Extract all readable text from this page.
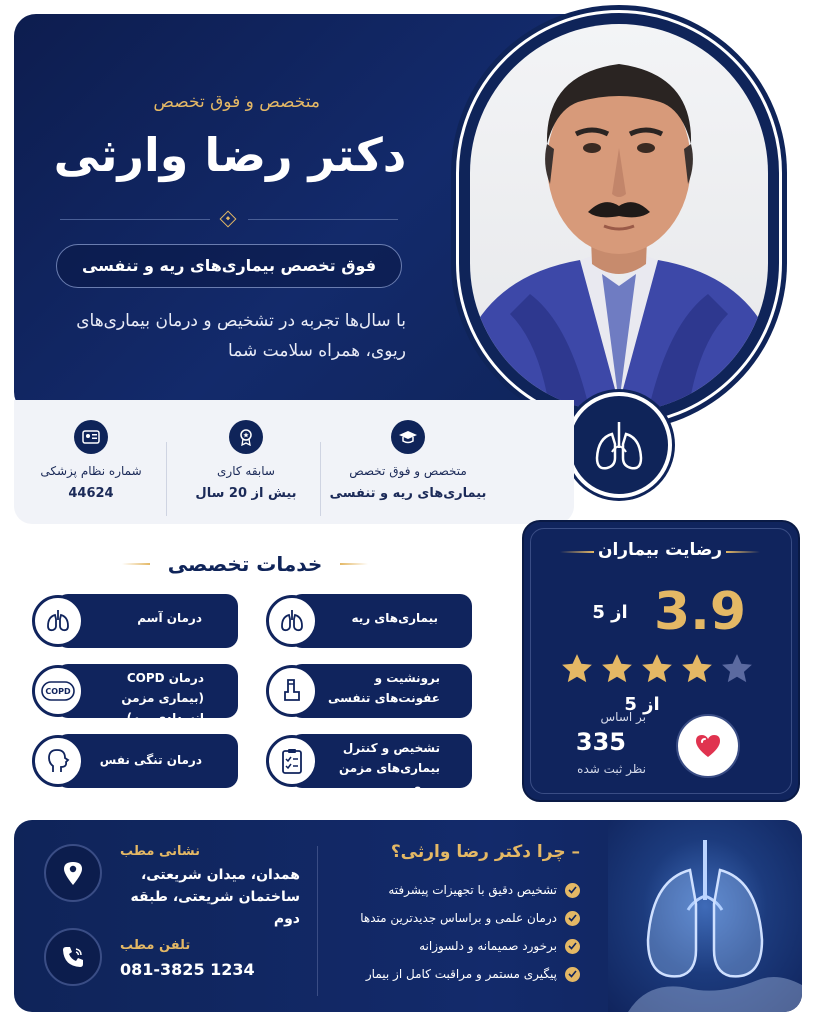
متخصص و فوق تخصص
دکتر رضا وارثی
فوق تخصص بیماری‌های ریه و تنفسی
با سال‌ها تجربه در تشخیص و درمان بیماری‌های ریوی، همراه سلامت شما
شماره نظام پزشکی
44624
سابقه کاری
بیش از 20 سال
متخصص و فوق تخصص
بیماری‌های ریه و تنفسی
خدمات تخصصی
درمان آسم	بیماری‌های ریه
درمان COPD (بیماری مزمن انسدادی ریه)
COPD
برونشیت و عفونت‌های تنفسی
درمان تنگی نفس
تشخیص و کنترل بیماری‌های مزمن ریوی
رضایت بیماران
3.9
از 5
از 5
بر اساس
335
نظر ثبت شده
– چرا دکتر رضا وارثی؟
تشخیص دقیق با تجهیزات پیشرفته
درمان علمی و براساس جدیدترین متدها
برخورد صمیمانه و دلسوزانه
پیگیری مستمر و مراقبت کامل از بیمار
نشانی مطب
همدان، میدان شریعتی، ساختمان شریعتی، طبقه دوم
تلفن مطب
081-3825 1234
